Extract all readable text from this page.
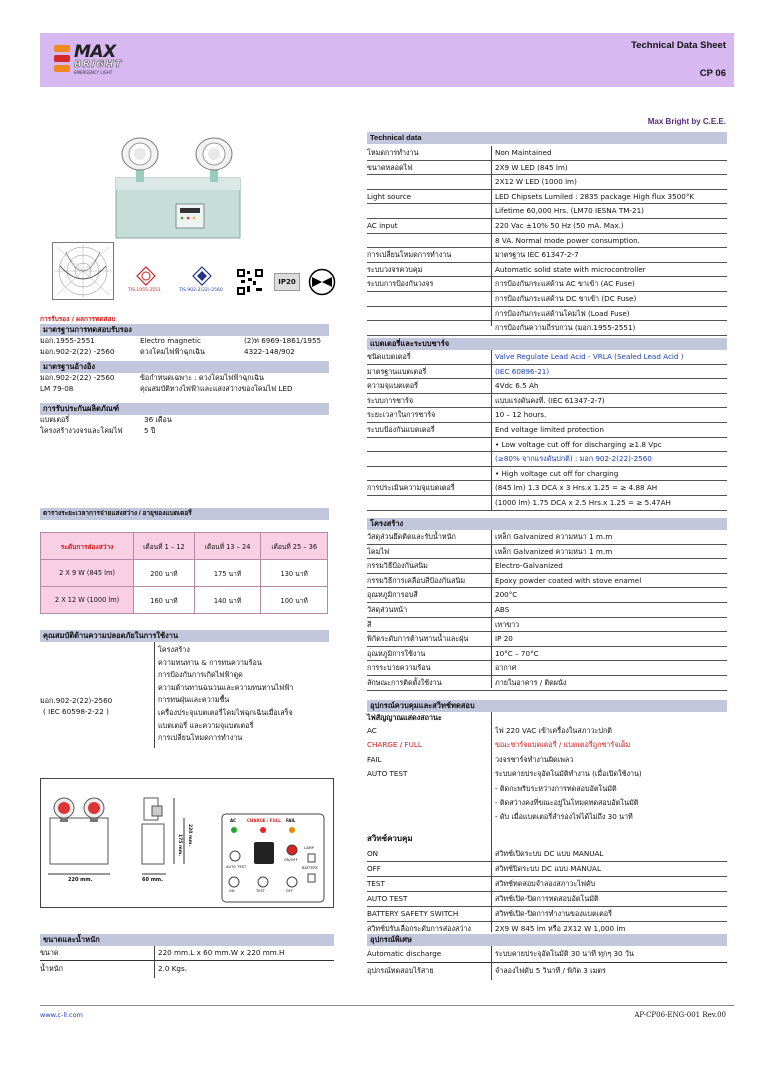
MAX
BRIGHT
EMERGENCY LIGHT
Technical Data Sheet
CP 06
Max Bright by C.E.E.
TIS.1955-2551	TIS.902-2(22)-2560
IP20
การรับรอง / ผลการทดสอบ
มาตรฐานการทดสอบรับรอง
มอก.1955-2551	Electro magnetic	(2)ท 6969-1861/1955
มอก.902-2(22) -2560	ดวงโคมไฟฟ้าฉุกเฉิน	4322-148/902
มาตรฐานอ้างอิง
มอก.902-2(22) -2560	ข้อกำหนดเฉพาะ : ดวงโคมไฟฟ้าฉุกเฉิน
LM 79-08	คุณสมบัติทางไฟฟ้าและแสงสว่างของโคมไฟ LED
การรับประกันผลิตภัณฑ์
แบตเตอรี่	36 เดือน
โครงสร้างวงจรและโคมไฟ	5 ปี
ตารางระยะเวลาการจ่ายแสงสว่าง / อายุของแบตเตอรี่
ระดับการส่องสว่าง	เดือนที่ 1 – 12	เดือนที่ 13 – 24	เดือนที่ 25 – 36
2 X 9 W (845 lm)	200 นาที	175 นาที	130 นาที
2 X 12 W (1000 lm)	160 นาที	140 นาที	100 นาที
คุณสมบัติด้านความปลอดภัยในการใช้งาน
มอก.902-2(22)-2560
( IEC 60598-2-22 )
โครงสร้าง
ความทนทาน & การทนความร้อน
การป้องกันการเกิดไฟฟ้าดูด
ความต้านทานฉนวนและความทนทานไฟฟ้า
การทนฝุ่นและความชื้น
เครื่องประจุแบตเตอรี่โคมไฟฉุกเฉินเมื่อเสร็จ
แบตเตอรี่ และความจุแบตเตอรี่
การเปลี่ยนโหมดการทำงาน
220 mm.	60 mm.
220 mm.
175 mm.
AC	CHARGE / FULL FAIL
AUTO TEST
ON/OFF
ON	TEST	OFF
LAMP
BATTERY
ขนาดและน้ำหนัก
ขนาด	220 mm.L x 60 mm.W x 220 mm.H
น้ำหนัก	2.0 Kgs.
Technical data
โหมดการทำงาน	Non Maintained
ขนาดหลอดไฟ	2X9 W LED (845 lm)
2X12 W LED (1000 lm)
Light source	LED Chipsets Lumiled : 2835 package High flux 3500°K
Lifetime 60,000 Hrs. (LM70 IESNA TM-21)
AC input	220 Vac ±10% 50 Hz (50 mA. Max.)
8 VA. Normal mode power consumption.
การเปลี่ยนโหมดการทำงาน	มาตรฐาน IEC 61347-2-7
ระบบวงจรควบคุม	Automatic solid state with microcontroller
ระบบการป้องกันวงจร	การป้องกันกระแสด้าน AC ขาเข้า (AC Fuse)
การป้องกันกระแสด้าน DC ขาเข้า (DC Fuse)
การป้องกันกระแสด้านโคมไฟ (Load Fuse)
การป้องกันความถี่รบกวน (มอก.1955-2551)
แบตเตอรี่และระบบชาร์จ
ชนิดแบตเตอรี่	Valve Regulate Lead Acid - VRLA (Sealed Lead Acid )
มาตรฐานแบตเตอรี่	(IEC 60896-21)
ความจุแบตเตอรี่	4Vdc 6.5 Ah
ระบบการชาร์จ	แบบแรงดันคงที่. (IEC 61347-2-7)
ระยะเวลาในการชาร์จ	10 – 12 hours.
ระบบป้องกันแบตเตอรี่	End voltage limited protection
• Low voltage cut off for discharging ≥1.8 Vpc
(≥80% จากแรงดันปกติ) : มอก 902-2(22)-2560
• High voltage cut off for charging
การประเมินความจุแบตเตอรี่	(845 lm) 1.3 DCA x 3 Hrs.x 1.25 = ≥ 4.88 AH
(1000 lm) 1.75 DCA x 2.5 Hrs.x 1.25 = ≥ 5.47AH
โครงสร้าง
วัสดุส่วนยึดติดและรับน้ำหนัก	เหล็ก Galvanized ความหนา 1 m.m
โคมไฟ	เหล็ก Galvanized ความหนา 1 m.m
กรรมวิธีป้องกันสนิม	Electro-Galvanized
กรรมวิธีการเคลือบสีป้องกันสนิม	Epoxy powder coated with stove enamel
อุณหภูมิการอบสี	200°C
วัสดุส่วนหน้า	ABS
สี	เทาขาว
พิกัดระดับการต้านทานน้ำและฝุ่น	IP 20
อุณหภูมิการใช้งาน	10°C – 70°C
การระบายความร้อน	อากาศ
ลักษณะการติดตั้งใช้งาน	ภายในอาคาร / ติดผนัง
อุปกรณ์ควบคุมและสวิทช์ทดสอบ
ไฟสัญญาณแสดงสถานะ
AC	ไฟ 220 VAC เข้าเครื่องในสภาวะปกติ
CHARGE / FULL	ขณะชาร์จแบตเตอรี่ / แบตเตอรี่ถูกชาร์จเต็ม
FAIL	วงจรชาร์จทำงานผิดเพลว
AUTO TEST	ระบบคายประจุอัตโนมัติทำงาน (เมื่อเปิดใช้งาน)
- ติดกะพริบระหว่างการทดสอบอัตโนมัติ
- ติดสว่างคงที่ขณะอยู่ในโหมดทดสอบอัตโนมัติ
- ดับ เมื่อแบตเตอรี่สำรองไฟได้ไม่ถึง 30 นาที
สวิทช์ควบคุม
ON	สวิทช์เปิดระบบ DC แบบ MANUAL
OFF	สวิทช์ปิดระบบ DC แบบ MANUAL
TEST	สวิทช์ทดสอบจำลองสภาวะไฟดับ
AUTO TEST	สวิทช์เปิด-ปิดการทดสอบอัตโนมัติ
BATTERY SAFETY SWITCH	สวิทช์เปิด-ปิดการทำงานของแบตเตอรี่
สวิทช์ปรับเลือกระดับการส่องสว่าง	2X9 W 845 lm หรือ 2X12 W 1,000 lm
อุปกรณ์พิเศษ
Automatic discharge	ระบบคายประจุอัตโนมัติ 30 นาที ทุกๆ 30 วัน
อุปกรณ์ทดสอบไร้สาย	จำลองไฟดับ 5 วินาที / พิกัด 3 เมตร
www.c-ll.com	AP-CP06-ENG-001 Rev.00
